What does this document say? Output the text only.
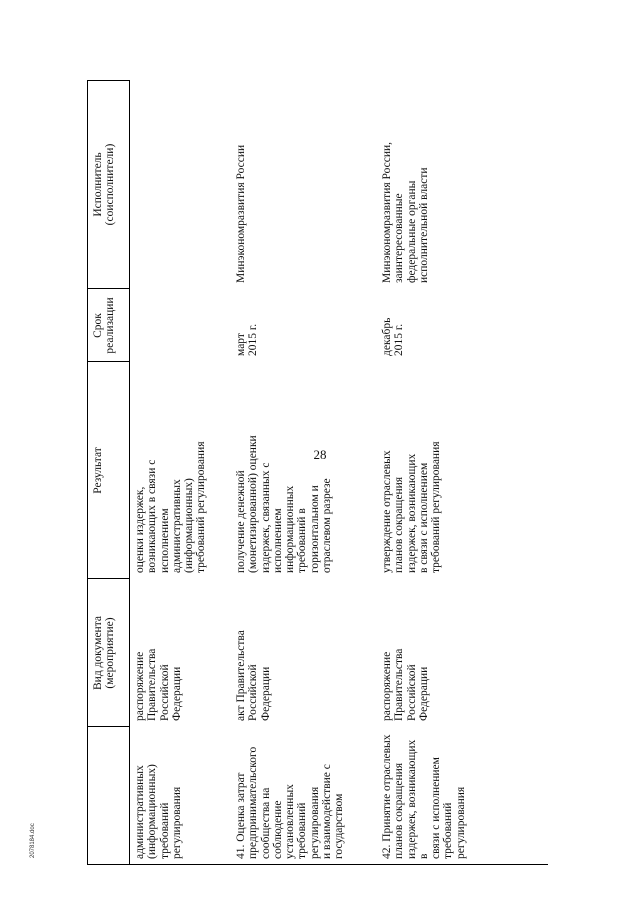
28
2078184.doc
Вид документа
(мероприятие)
Результат
Срок
реализации
Исполнитель
(соисполнители)
административных
(информационных)
требований регулирования
распоряжение
Правительства
Российской
Федерации
оценки издержек,
возникающих в связи с
исполнением
административных
(информационных)
требований регулирования
41. Оценка затрат
предпринимательского
сообщества на
соблюдение
установленных
требований регулирования
и взаимодействие с
государством
акт Правительства
Российской
Федерации
получение денежной
(монетизированной) оценки
издержек, связанных с
исполнением
информационных
требований в
горизонтальном и
отраслевом разрезе
март
2015 г.
Минэкономразвития России
42. Принятие отраслевых
планов сокращения
издержек, возникающих в
связи с исполнением
требований регулирования
распоряжение
Правительства
Российской
Федерации
утверждение отраслевых
планов сокращения
издержек, возникающих
в связи с исполнением
требований регулирования
декабрь
2015 г.
Минэкономразвития России,
заинтересованные
федеральные органы
исполнительной власти
